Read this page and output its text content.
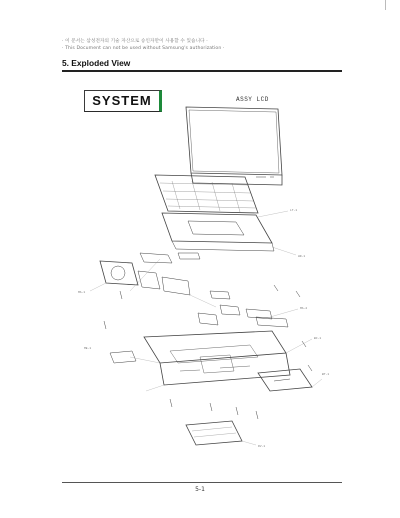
· 이 문서는 삼성전자의 기술 자산으로 승인자만이 사용할 수 있습니다 ·
· This Document can not be used without Samsung's authorization ·
5. Exploded View
SYSTEM	ASSY LCD
LT-1
HD-1
MA-1
MA-2
ME-1
BC-1
BT-1
DV-1
5-1
